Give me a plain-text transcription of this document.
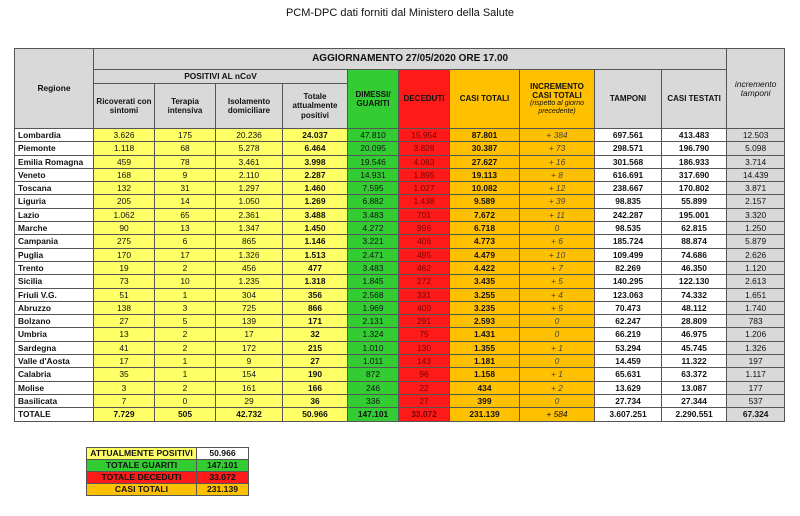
PCM-DPC dati forniti dal Ministero della Salute
Regione	AGGIORNAMENTO 27/05/2020 ORE 17.00										incremento tamponi
	POSITIVI AL nCoV				DIMESSI/ GUARITI	DECEDUTI	CASI TOTALI	INCREMENTO CASI TOTALI
(rispetto al giorno precedente)	TAMPONI	CASI TESTATI	
	Ricoverati con sintomi	Terapia intensiva	Isolamento domiciliare	Totale attualmente positivi							
Lombardia	3.626	175	20.236	24.037	47.810	15.954	87.801	+ 384	697.561	413.483	12.503
Piemonte	1.118	68	5.278	6.464	20.095	3.828	30.387	+ 73	298.571	196.790	5.098
Emilia Romagna	459	78	3.461	3.998	19.546	4.083	27.627	+ 16	301.568	186.933	3.714
Veneto	168	9	2.110	2.287	14.931	1.895	19.113	+ 8	616.691	317.690	14.439
Toscana	132	31	1.297	1.460	7.595	1.027	10.082	+ 12	238.667	170.802	3.871
Liguria	205	14	1.050	1.269	6.882	1.438	9.589	+ 39	98.835	55.899	2.157
Lazio	1.062	65	2.361	3.488	3.483	701	7.672	+ 11	242.287	195.001	3.320
Marche	90	13	1.347	1.450	4.272	996	6.718	0	98.535	62.815	1.250
Campania	275	6	865	1.146	3.221	406	4.773	+ 6	185.724	88.874	5.879
Puglia	170	17	1.326	1.513	2.471	495	4.479	+ 10	109.499	74.686	2.626
Trento	19	2	456	477	3.483	462	4.422	+ 7	82.269	46.350	1.120
Sicilia	73	10	1.235	1.318	1.845	272	3.435	+ 5	140.295	122.130	2.613
Friuli V.G.	51	1	304	356	2.568	331	3.255	+ 4	123.063	74.332	1.651
Abruzzo	138	3	725	866	1.969	400	3.235	+ 5	70.473	48.112	1.740
Bolzano	27	5	139	171	2.131	291	2.593	0	62.247	28.809	783
Umbria	13	2	17	32	1.324	75	1.431	0	66.219	46.975	1.206
Sardegna	41	2	172	215	1.010	130	1.355	+ 1	53.294	45.745	1.326
Valle d'Aosta	17	1	9	27	1.011	143	1.181	0	14.459	11.322	197
Calabria	35	1	154	190	872	96	1.158	+ 1	65.631	63.372	1.117
Molise	3	2	161	166	246	22	434	+ 2	13.629	13.087	177
Basilicata	7	0	29	36	336	27	399	0	27.734	27.344	537
TOTALE	7.729	505	42.732	50.966	147.101	33.072	231.139	+ 584	3.607.251	2.290.551	67.324
ATTUALMENTE POSITIVI	50.966
TOTALE GUARITI	147.101
TOTALE DECEDUTI	33.072
CASI TOTALI	231.139
